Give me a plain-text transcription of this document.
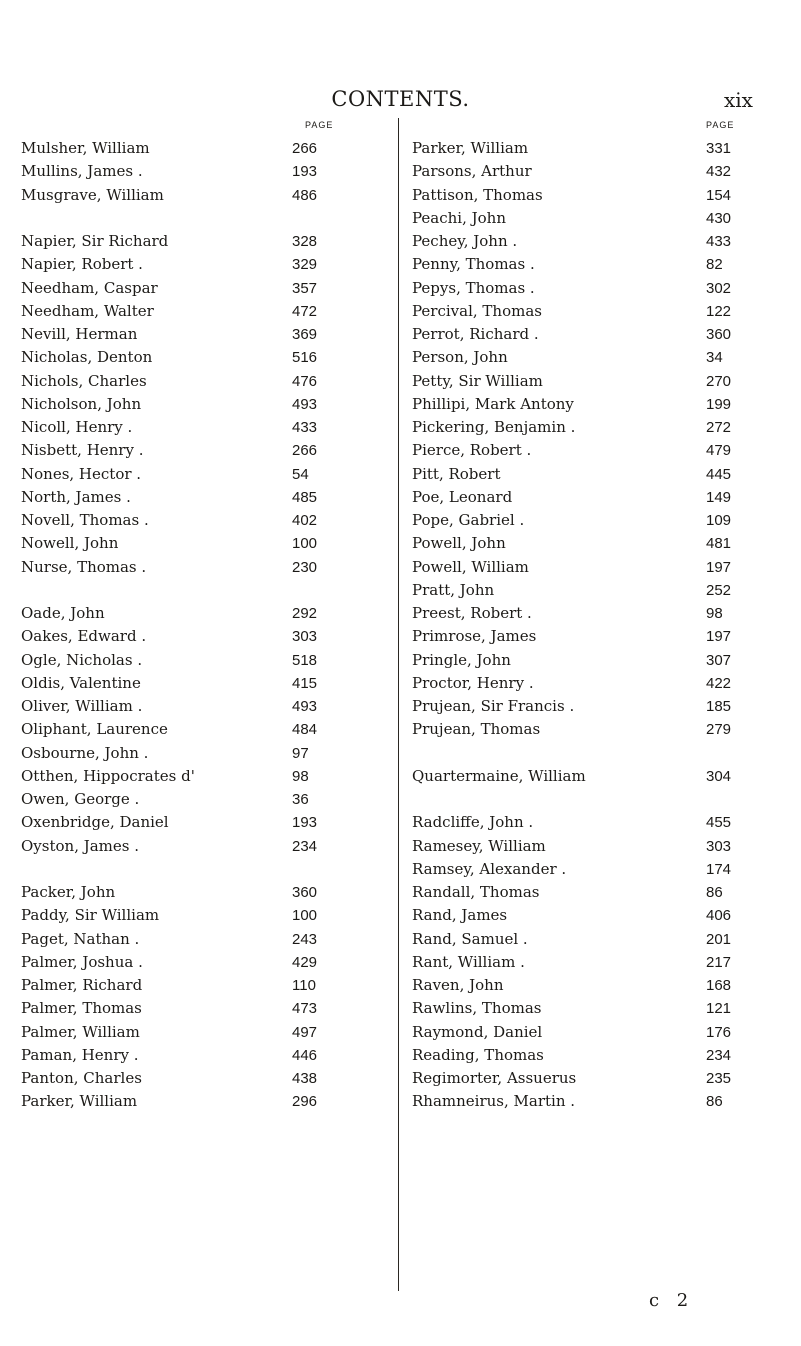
CONTENTS.	xix
PAGE	PAGE
Mulsher, William	266
Mullins, James .	193
Musgrave, William	486
Napier, Sir Richard	328
Napier, Robert .	329
Needham, Caspar	357
Needham, Walter	472
Nevill, Herman	369
Nicholas, Denton	516
Nichols, Charles	476
Nicholson, John	493
Nicoll, Henry .	433
Nisbett, Henry .	266
Nones, Hector .	54
North, James .	485
Novell, Thomas .	402
Nowell, John	100
Nurse, Thomas .	230
Oade, John	292
Oakes, Edward .	303
Ogle, Nicholas .	518
Oldis, Valentine	415
Oliver, William .	493
Oliphant, Laurence	484
Osbourne, John .	97
Otthen, Hippocrates d'	98
Owen, George .	36
Oxenbridge, Daniel	193
Oyston, James .	234
Packer, John	360
Paddy, Sir William	100
Paget, Nathan .	243
Palmer, Joshua .	429
Palmer, Richard	110
Palmer, Thomas	473
Palmer, William	497
Paman, Henry .	446
Panton, Charles	438
Parker, William	296
Parker, William	331
Parsons, Arthur	432
Pattison, Thomas	154
Peachi, John	430
Pechey, John .	433
Penny, Thomas .	82
Pepys, Thomas .	302
Percival, Thomas	122
Perrot, Richard .	360
Person, John	34
Petty, Sir William	270
Phillipi, Mark Antony	199
Pickering, Benjamin .	272
Pierce, Robert .	479
Pitt, Robert	445
Poe, Leonard	149
Pope, Gabriel .	109
Powell, John	481
Powell, William	197
Pratt, John	252
Preest, Robert .	98
Primrose, James	197
Pringle, John	307
Proctor, Henry .	422
Prujean, Sir Francis .	185
Prujean, Thomas	279
Quartermaine, William	304
Radcliffe, John .	455
Ramesey, William	303
Ramsey, Alexander .	174
Randall, Thomas	86
Rand, James	406
Rand, Samuel .	201
Rant, William .	217
Raven, John	168
Rawlins, Thomas	121
Raymond, Daniel	176
Reading, Thomas	234
Regimorter, Assuerus	235
Rhamneirus, Martin .	86
c 2
